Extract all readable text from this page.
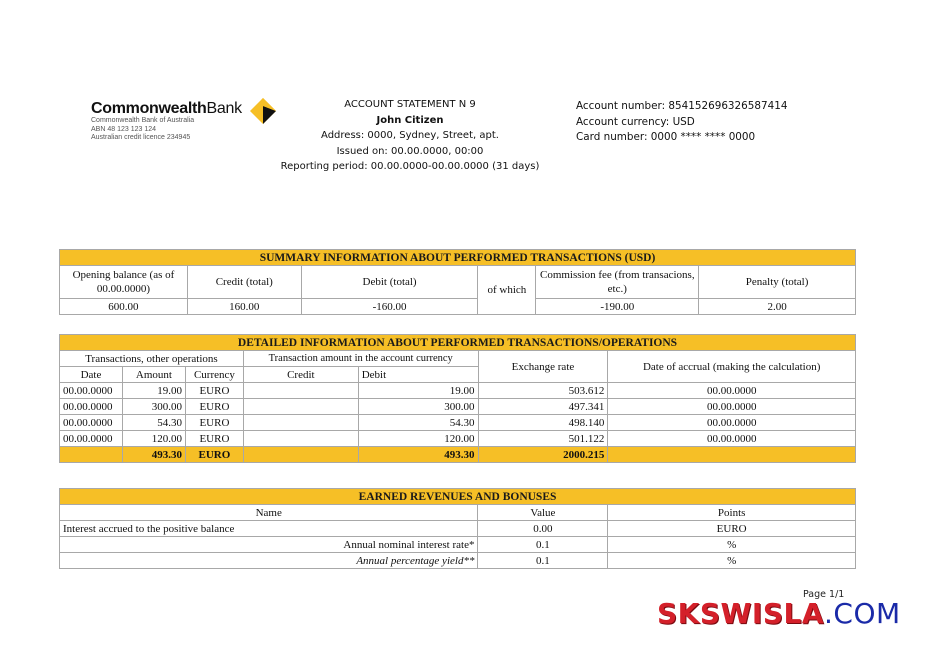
CommonwealthBank
Commonwealth Bank of Australia
ABN 48 123 123 124
Australian credit licence 234945
ACCOUNT STATEMENT N 9
John Citizen
Address: 0000, Sydney, Street, apt.
Issued on: 00.00.0000, 00:00
Reporting period: 00.00.0000-00.00.0000 (31 days)
Account number: 854152696326587414
Account currency: USD
Card number: 0000 **** **** 0000
SUMMARY INFORMATION ABOUT PERFORMED TRANSACTIONS (USD)					
Opening balance (as of 00.00.0000)	Credit (total)	Debit (total)	of which	Commission fee (from transacions, etc.)	Penalty (total)
600.00	160.00	-160.00		-190.00	2.00
DETAILED INFORMATION ABOUT PERFORMED TRANSACTIONS/OPERATIONS						
Transactions, other operations			Transaction amount in the account currency		Exchange rate	Date of accrual (making the calculation)
Date	Amount	Currency	Credit	Debit		
00.00.0000	19.00	EURO		19.00	503.612	00.00.0000
00.00.0000	300.00	EURO		300.00	497.341	00.00.0000
00.00.0000	54.30	EURO		54.30	498.140	00.00.0000
00.00.0000	120.00	EURO		120.00	501.122	00.00.0000
	493.30	EURO		493.30	2000.215	
EARNED REVENUES AND BONUSES		
Name	Value	Points
Interest accrued to the positive balance	0.00	EURO
Annual nominal interest rate*	0.1	%
Annual percentage yield**	0.1	%
Page 1/1
SKSWISLA.COM
